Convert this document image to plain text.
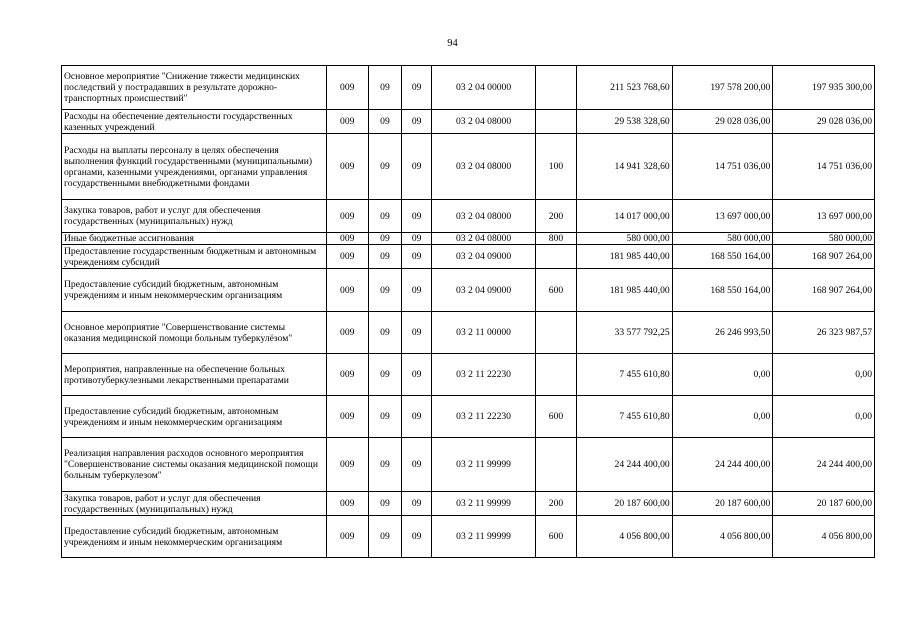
94
Основное мероприятие "Снижение тяжести медицинских последствий у пострадавших в результате дорожно-транспортных происшествий"	009	09	09	03 2 04 00000		211 523 768,60	197 578 200,00	197 935 300,00
Расходы на обеспечение деятельности государственных казенных учреждений	009	09	09	03 2 04 08000		29 538 328,60	29 028 036,00	29 028 036,00
Расходы на выплаты персоналу в целях обеспечения выполнения функций государственными (муниципальными) органами, казенными учреждениями, органами управления государственными внебюджетными фондами	009	09	09	03 2 04 08000	100	14 941 328,60	14 751 036,00	14 751 036,00
Закупка товаров, работ и услуг для обеспечения государственных (муниципальных) нужд	009	09	09	03 2 04 08000	200	14 017 000,00	13 697 000,00	13 697 000,00
Иные бюджетные ассигнования	009	09	09	03 2 04 08000	800	580 000,00	580 000,00	580 000,00
Предоставление государственным бюджетным и автономным учреждениям субсидий	009	09	09	03 2 04 09000		181 985 440,00	168 550 164,00	168 907 264,00
Предоставление субсидий бюджетным, автономным учреждениям и иным некоммерческим организациям	009	09	09	03 2 04 09000	600	181 985 440,00	168 550 164,00	168 907 264,00
Основное мероприятие "Совершенствование системы оказания медицинской помощи больным туберкулёзом"	009	09	09	03 2 11 00000		33 577 792,25	26 246 993,50	26 323 987,57
Мероприятия, направленные на обеспечение больных противотуберкулезными лекарственными препаратами	009	09	09	03 2 11 22230		7 455 610,80	0,00	0,00
Предоставление субсидий бюджетным, автономным учреждениям и иным некоммерческим организациям	009	09	09	03 2 11 22230	600	7 455 610,80	0,00	0,00
Реализация направления расходов основного мероприятия "Совершенствование системы оказания медицинской помощи больным туберкулезом"	009	09	09	03 2 11 99999		24 244 400,00	24 244 400,00	24 244 400,00
Закупка товаров, работ и услуг для обеспечения государственных (муниципальных) нужд	009	09	09	03 2 11 99999	200	20 187 600,00	20 187 600,00	20 187 600,00
Предоставление субсидий бюджетным, автономным учреждениям и иным некоммерческим организациям	009	09	09	03 2 11 99999	600	4 056 800,00	4 056 800,00	4 056 800,00
